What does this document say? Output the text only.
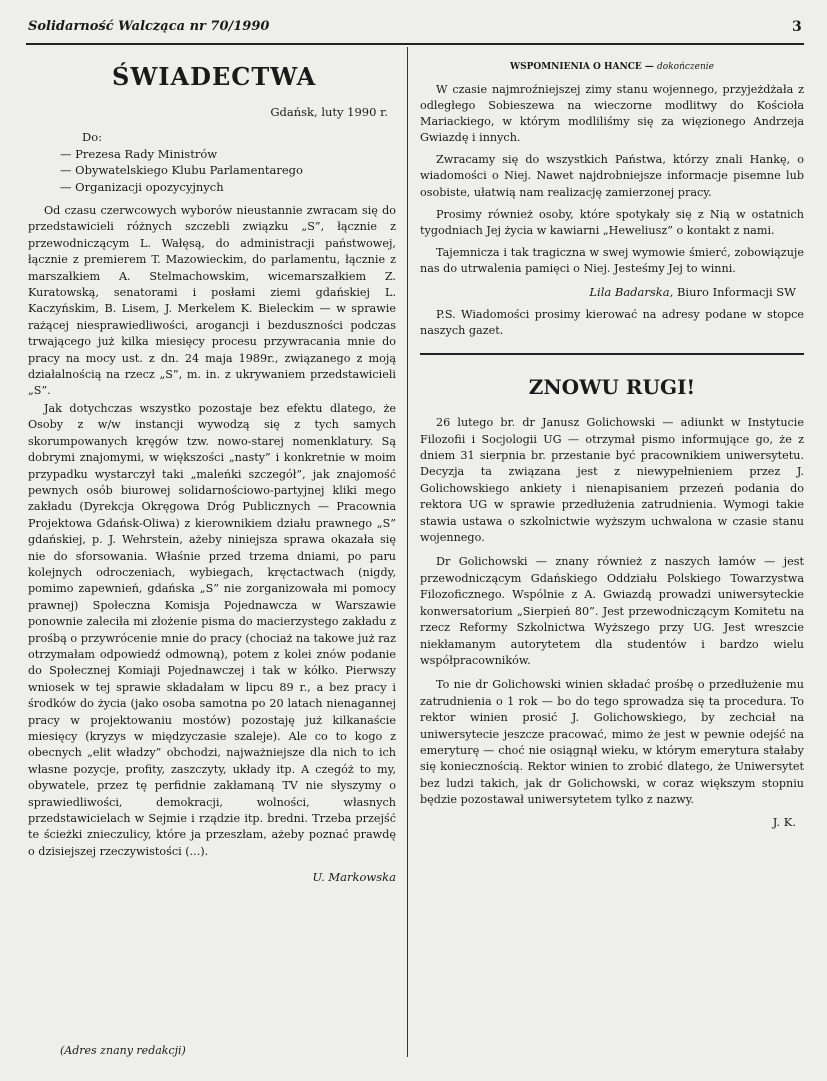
Solidarność Walcząca nr 70/1990	3
ŚWIADECTWA

Gdańsk, luty 1990 r.

Do:
— Prezesa Rady Ministrów
— Obywatelskiego Klubu Parlamentarego
— Organizacji opozycyjnych

Od czasu czerwcowych wyborów nieustannie zwracam się do przedstawicieli różnych szczebli związku „S”, łącznie z przewodniczącym L. Wałęsą, do administracji państwowej, łącznie z premierem T. Mazowieckim, do parlamentu, łącznie z marszałkiem A. Stelmachowskim, wicemarszałkiem Z. Kuratowską, senatorami i posłami ziemi gdańskiej L. Kaczyńskim, B. Lisem, J. Merkelem K. Bieleckim — w sprawie rażącej niesprawiedliwości, arogancji i bezduszności podczas trwającego już kilka miesięcy procesu przywracania mnie do pracy na mocy ust. z dn. 24 maja 1989r., związanego z moją działalnością na rzecz „S”, m. in. z ukrywaniem przedstawicieli „S”.

Jak dotychczas wszystko pozostaje bez efektu dlatego, że Osoby z w/w instancji wywodzą się z tych samych skorumpowanych kręgów tzw. nowo-starej nomenklatury. Są dobrymi znajomymi, w większości „nasty” i konkretnie w moim przypadku wystarczył taki „maleńki szczegół”, jak znajomość pewnych osób biurowej solidarnościowo-partyjnej kliki mego zakładu (Dyrekcja Okręgowa Dróg Publicznych — Pracownia Projektowa Gdańsk-Oliwa) z kierownikiem działu prawnego „S” gdańskiej, p. J. Wehrstein, ażeby niniejsza sprawa okazała się nie do sforsowania. Właśnie przed trzema dniami, po paru kolejnych odroczeniach, wybiegach, kręctactwach (nigdy, pomimo zapewnień, gdańska „S” nie zorganizowała mi pomocy prawnej) Społeczna Komisja Pojednawcza w Warszawie ponownie zaleciła mi złożenie pisma do macierzystego zakładu z prośbą o przywrócenie mnie do pracy (chociaż na takowe już raz otrzymałam odpowiedź odmowną), potem z kolei znów podanie do Społecznej Komiaji Pojednawczej i tak w kółko. Pierwszy wniosek w tej sprawie składałam w lipcu 89 r., a bez pracy i środków do życia (jako osoba samotna po 20 latach nienagannej pracy w projektowaniu mostów) pozostaję już kilkanaście miesięcy (kryzys w międzyczasie szaleje). Ale co to kogo z obecnych „elit władzy” obchodzi, najważniejsze dla nich to ich własne pozycje, profity, zaszczyty, układy itp. A czegóż to my, obywatele, przez tę perfidnie zakłamaną TV nie słyszymy o sprawiedliwości, demokracji, wolności, własnych przedstawicielach w Sejmie i rządzie itp. bredni. Trzeba przejść te ścieżki znieczulicy, które ja przeszłam, ażeby poznać prawdę o dzisiejszej rzeczywistości (...).

U. Markowska

(Adres znany redakcji)
WSPOMNIENIA O HANCE — dokończenie

W czasie najmroźniejszej zimy stanu wojennego, przyjeżdżała z odległego Sobieszewa na wieczorne modlitwy do Kościoła Mariackiego, w którym modliliśmy się za więzionego Andrzeja Gwiazdę i innych.

Zwracamy się do wszystkich Państwa, którzy znali Hankę, o wiadomości o Niej. Nawet najdrobniejsze informacje pisemne lub osobiste, ułatwią nam realizację zamierzonej pracy.

Prosimy również osoby, które spotykały się z Nią w ostatnich tygodniach Jej życia w kawiarni „Heweliusz” o kontakt z nami.

Tajemnicza i tak tragiczna w swej wymowie śmierć, zobowiązuje nas do utrwalenia pamięci o Niej. Jesteśmy Jej to winni.

Lila Badarska, Biuro Informacji SW

P.S. Wiadomości prosimy kierować na adresy podane w stopce naszych gazet.

ZNOWU RUGI!

26 lutego br. dr Janusz Golichowski — adiunkt w Instytucie Filozofii i Socjologii UG — otrzymał pismo informujące go, że z dniem 31 sierpnia br. przestanie być pracownikiem uniwersytetu. Decyzja ta związana jest z niewypełnieniem przez J. Golichowskiego ankiety i nienapisaniem przezeń podania do rektora UG w sprawie przedłużenia zatrudnienia. Wymogi takie stawia ustawa o szkolnictwie wyższym uchwalona w czasie stanu wojennego.

Dr Golichowski — znany również z naszych łamów — jest przewodniczącym Gdańskiego Oddziału Polskiego Towarzystwa Filozoficznego. Wspólnie z A. Gwiazdą prowadzi uniwersyteckie konwersatorium „Sierpień 80”. Jest przewodniczącym Komitetu na rzecz Reformy Szkolnictwa Wyższego przy UG. Jest wreszcie niekłamanym autorytetem dla studentów i bardzo wielu współpracowników.

To nie dr Golichowski winien składać prośbę o przedłużenie mu zatrudnienia o 1 rok — bo do tego sprowadza się ta procedura. To rektor winien prosić J. Golichowskiego, by zechciał na uniwersytecie jeszcze pracować, mimo że jest w pewnie odejść na emeryturę — choć nie osiągnął wieku, w którym emerytura stałaby się koniecznością. Rektor winien to zrobić dlatego, że Uniwersytet bez ludzi takich, jak dr Golichowski, w coraz większym stopniu będzie pozostawał uniwersytetem tylko z nazwy.

J. K.
